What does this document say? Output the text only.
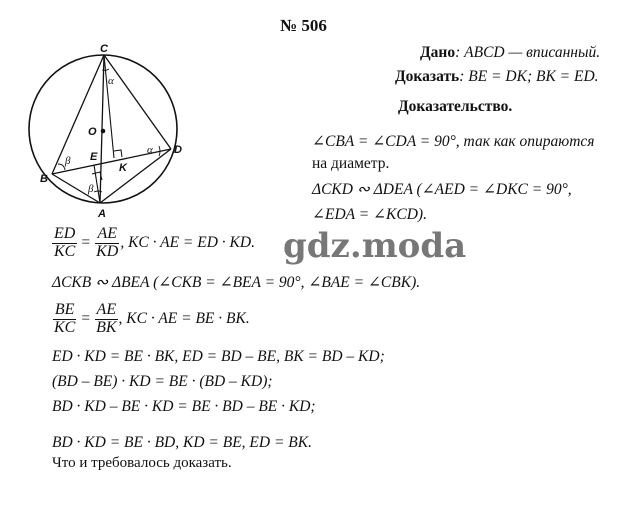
№ 506
Дано: ABCD — вписанный.
Доказать: BE = DK; BK = ED.
Доказательство.
C
O
E
K
D
B
A
α
α
β
β
∠CBA = ∠CDA = 90°, так как опираются
на диаметр.
ΔCKD ∾ ΔDEA (∠AED = ∠DKC = 90°,
∠EDA = ∠KCD).
$\frac{ED}{KC} = \frac{AE}{KD}$ , KC · AE = ED · KD. gdz.moda
ΔCKB ∾ ΔBEA (∠CKB = ∠BEA = 90°, ∠BAE = ∠CBK).
$\frac{BE}{KC} = \frac{AE}{BK}$ , KC · AE = BE · BK.
ED · KD = BE · BK, ED = BD – BE, BK = BD – KD;
(BD – BE) · KD = BE · (BD – KD);
BD · KD – BE · KD = BE · BD – BE · KD;
BD · KD = BE · BD, KD = BE, ED = BK.
Что и требовалось доказать.
